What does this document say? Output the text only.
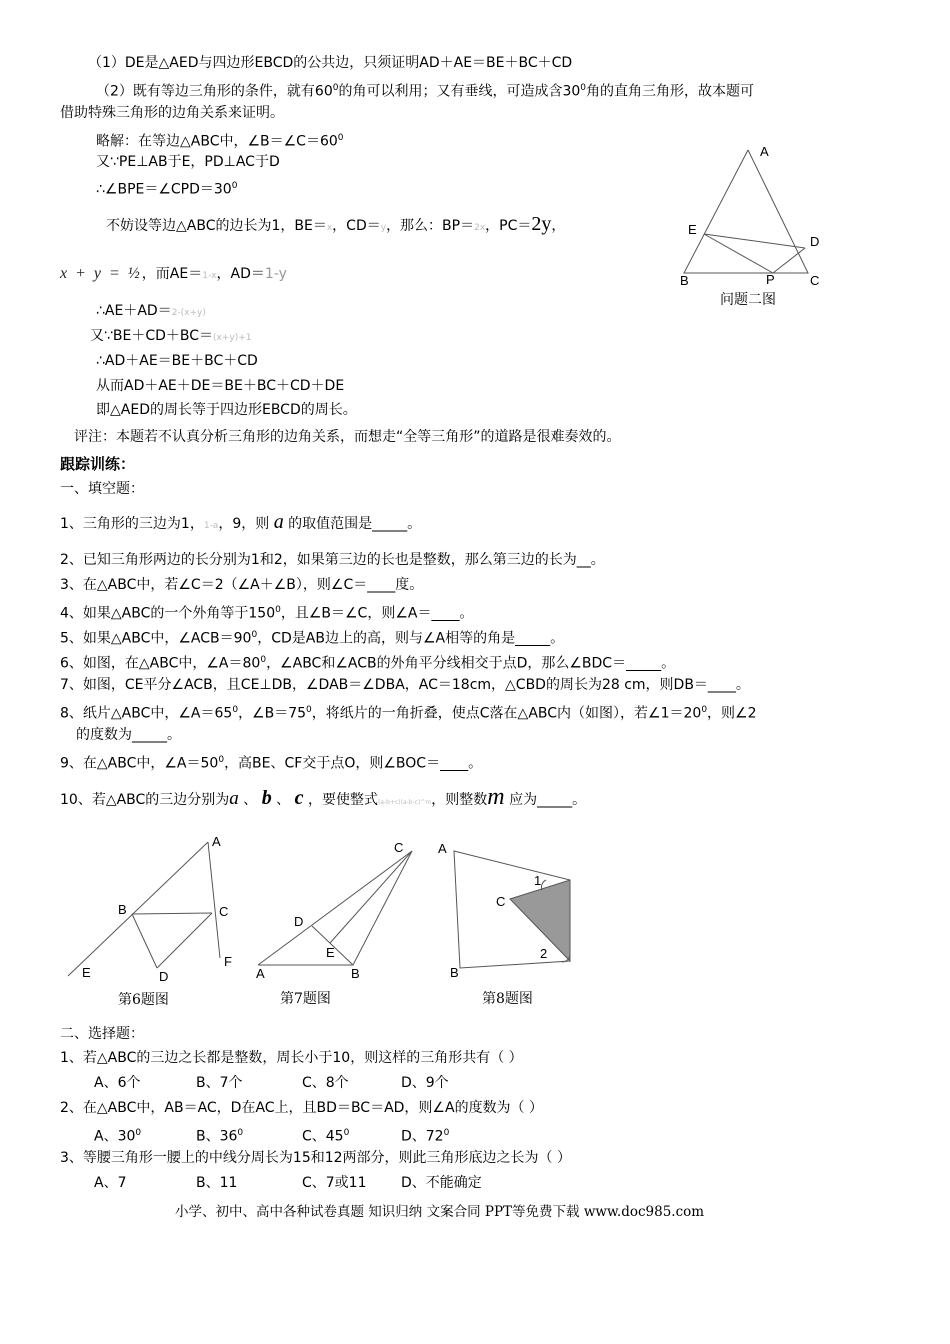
（1）DE是△AED与四边形EBCD的公共边，只须证明AD＋AE＝BE＋BC＋CD
（2）既有等边三角形的条件，就有$60^0$的角可以利用；又有垂线，可造成含$30^0$角的直角三角形，故本题可
借助特殊三角形的边角关系来证明。
略解：在等边△ABC中，$\angle B=\angle C=60^0$
又∵PE⊥AB于E，PD⊥AC于D
$\therefore\angle BPE=\angle CPD=30^0$
不妨设等边△ABC的边长为1，BE＝x，CD＝y，那么：BP＝2x，PC＝2y，
x + y = ½，而AE＝1-x，AD＝1-y
∴AE＋AD＝2-(x+y)
又∵BE＋CD＋BC＝(x+y)+1
∴AD＋AE＝BE＋BC＋CD
从而AD＋AE＋DE＝BE＋BC＋CD＋DE
即△AED的周长等于四边形EBCD的周长。
评注：本题若不认真分析三角形的边角关系，而想走“全等三角形”的道路是很难奏效的。
A
E
D
B	P	C
问题二图
跟踪训练：
一、填空题：
1、三角形的三边为1，1-a，9，则 a 的取值范围是_____。
2、已知三角形两边的长分别为1和2，如果第三边的长也是整数，那么第三边的长为__。
3、在△ABC中，若∠C＝2（∠A＋∠B），则∠C＝____度。
4、如果△ABC的一个外角等于$150^0$，且∠B＝∠C，则∠A＝____。
5、如果△ABC中，$\angle ACB=90^0$，CD是AB边上的高，则与∠A相等的角是_____。
6、如图，在△ABC中，$\angle A=80^0$，∠ABC和∠ACB的外角平分线相交于点D，那么∠BDC＝_____。
7、如图，CE平分∠ACB，且CE⊥DB，∠DAB＝∠DBA，AC＝18cm，△CBD的周长为28 cm，则DB＝____。
8、纸片△ABC中，$\angle A=65^0$，$\angle B=75^0$，将纸片的一角折叠，使点C落在△ABC内（如图），若$\angle 1=20^0$，则∠2
的度数为_____。
9、在△ABC中，$\angle A=50^0$，高BE、CF交于点O，则∠BOC＝____。
10、若△ABC的三边分别为a 、 b 、 c ，要使整式(a-b+c)(a-b-c)^m，则整数m 应为_____。
A
B	C
F
E	D
第6题图
C
D
E
A	B
第7题图
A
C
1
2
B
第8题图
二、选择题：
1、若△ABC的三边之长都是整数，周长小于10，则这样的三角形共有（ ）
A、6个	B、7个	C、8个	D、9个
2、在△ABC中，AB＝AC，D在AC上，且BD＝BC＝AD，则∠A的度数为（ ）
A、$30^0$	B、$36^0$	C、$45^0$	D、$72^0$
3、等腰三角形一腰上的中线分周长为15和12两部分，则此三角形底边之长为（ ）
A、7	B、11	C、7或11 D、不能确定
小学、初中、高中各种试卷真题 知识归纳 文案合同 PPT等免费下载 www.doc985.com
